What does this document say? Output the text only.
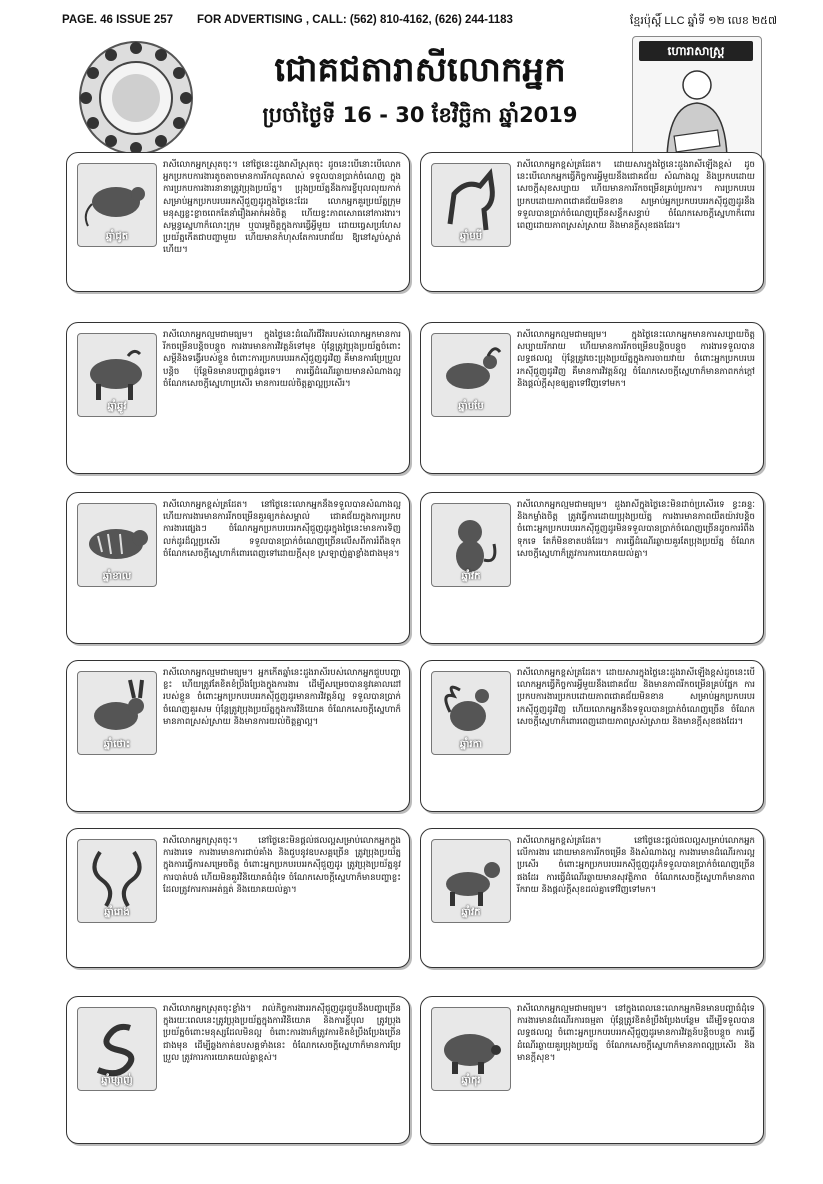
PAGE. 46 ISSUE 257 FOR ADVERTISING , CALL: (562) 810-4162, (626) 244-1183	ខ្មែរប៉ុស្តិ៍ LLC ឆ្នាំទី ១២ លេខ ២៥៧
ជោគជតារាសីលោកអ្នក
ប្រចាំថ្ងៃទី 16 - 30 ខែវិច្ឆិកា ឆ្នាំ2019
ហោរាសាស្ត្រ
ឆ្នាំជូត
រាសីលោកអ្នកស្រុតចុះ។ នៅថ្ងៃនេះដួងរាសីស្រុតចុះ ដូចនេះបើនោះបើលោកអ្នកប្រកបការងារតូចតាចមានការរីកលូតលាស់ ទទួលបានប្រាក់ចំណេញ ក្នុងការប្រកបការងារនានាត្រូវប្រុងប្រយ័ត្ន។ ប្រុងប្រយ័ត្ននឹងការខ្ចីបុលលុយកាក់ សម្រាប់អ្នកប្រកបរបររកស៊ីជួញដូរក្នុងថ្ងៃនេះដែរ លោកអ្នកគួរប្រយ័ត្នក្រុមមនុស្សខ្លះខ្លាចពេកតែនាំរឿងអាក់អន់ចិត្ត ហើយខ្វះភាពសោធនៅការងារ។ សម្ពន្ធស្នេហាក៏លោះក្រុម ឬបារម្ភចិត្តក្នុងការធ្វើអ្វីមួយ ដោយធ្វេសប្រហែស ប្រយ័ត្នកើតជាបញ្ហាមួយ ហើយមានកំហុសតែការបរាជ័យ ឱ្យនៅស្ងប់ស្ងាត់ហើយ។
ឆ្នាំមមី
រាសីលោកអ្នកខ្ពស់ត្រដែត។ ដោយសារក្នុងថ្ងៃនេះដួងរាសីឡើងខ្ពស់ ដូចនេះបើលោកអ្នកធ្វើកិច្ចការអ្វីមួយនឹងជោគជ័យ សំណាងល្អ និងប្រកបដោយសេចក្តីសុខសប្បាយ ហើយមានការរីកចម្រើនគ្រប់ប្រការ។ ការប្រកបរបរប្រកបដោយភាពជោគជ័យមិនខាន សម្រាប់អ្នកប្រកបរបររកស៊ីជួញដូរនឹងទទួលបានប្រាក់ចំណេញច្រើនសន្ធឹកសន្ធាប់ ចំណែកសេចក្តីស្នេហាក៏ពោរពេញដោយភាពស្រស់ស្រាយ និងមានក្តីសុខផងដែរ។
ឆ្នាំឆ្លូវ
រាសីលោកអ្នកល្មមជាមធ្យម។ ក្នុងថ្ងៃនេះដំណើរជីវិតរបស់លោកអ្នកមានការរីកចម្រើនបន្តិចបន្តួច ការងារមានការវិវត្តន៍ទៅមុខ ប៉ុន្តែត្រូវប្រុងប្រយ័ត្នចំពោះសម្តីនិងទង្វើរបស់ខ្លួន ចំពោះការប្រកបរបររកស៊ីជួញដូរវិញ គឺមានការប្រែប្រួលបន្តិច ប៉ុន្តែមិនមានបញ្ហាធ្ងន់ធ្ងរទេ។ ការធ្វើដំណើរឆ្ងាយមានសំណាងល្អ ចំណែកសេចក្តីស្នេហាប្រសើរ មានការយល់ចិត្តគ្នាល្អប្រសើរ។
ឆ្នាំមមែ
រាសីលោកអ្នកល្មមជាមធ្យម។ ក្នុងថ្ងៃនេះលោកអ្នកមានការសប្បាយចិត្ត សប្បាយរីករាយ ហើយមានការរីកចម្រើនបន្តិចបន្តួច ការងារទទួលបានលទ្ធផលល្អ ប៉ុន្តែត្រូវចេះប្រុងប្រយ័ត្នក្នុងការចាយវាយ ចំពោះអ្នកប្រកបរបររកស៊ីជួញដូរវិញ គឺមានការវិវត្តន៍ល្អ ចំណែកសេចក្តីស្នេហាក៏មានភាពកក់ក្តៅ និងផ្តល់ក្តីសុខឲ្យគ្នាទៅវិញទៅមក។
ឆ្នាំខាល
រាសីលោកអ្នកខ្ពស់ត្រដែត។ នៅថ្ងៃនេះលោកអ្នកនឹងទទួលបានសំណាងល្អ ហើយការងារមានការរីកចម្រើនគួរឲ្យកត់សម្គាល់ ជោគជ័យក្នុងការប្រកបការងារផ្សេងៗ ចំណែកអ្នកប្រកបរបររកស៊ីជួញដូរក្នុងថ្ងៃនេះមានការទិញលក់ដូរដ៏ល្អប្រសើរ ទទួលបានប្រាក់ចំណេញច្រើនលើសពីការរំពឹងទុក ចំណែកសេចក្តីស្នេហាក៏ពោរពេញទៅដោយក្តីសុខ ស្រឡាញ់គ្នាខ្លាំងជាងមុន។
ឆ្នាំវក
រាសីលោកអ្នកល្មមជាមធ្យម។ ដួងរាសីក្នុងថ្ងៃនេះមិនដាច់ប្រសើរទេ ខ្វះឆន្ទៈនិងកម្លាំងចិត្ត ត្រូវធ្វើការដោយប្រុងប្រយ័ត្ន ការងារមានភាពយឺតយ៉ាវបន្តិច ចំពោះអ្នកប្រកបរបររកស៊ីជួញដូរមិនទទួលបានប្រាក់ចំណេញច្រើនដូចការរំពឹងទុកទេ តែក៏មិនខាតបង់ដែរ។ ការធ្វើដំណើរឆ្ងាយគួរតែប្រុងប្រយ័ត្ន ចំណែកសេចក្តីស្នេហាក៏ត្រូវការការយោគយល់គ្នា។
ឆ្នាំថោះ
រាសីលោកអ្នកល្មមជាមធ្យម។ អ្នកកើតឆ្នាំនេះដួងរាសីរបស់លោកអ្នកជួបបញ្ហាខ្លះ ហើយត្រូវតែខិតខំប្រឹងប្រែងក្នុងការងារ ដើម្បីសម្រេចបាននូវគោលដៅរបស់ខ្លួន ចំពោះអ្នកប្រកបរបររកស៊ីជួញដូរមានការវិវត្តន៍ល្អ ទទួលបានប្រាក់ចំណេញគួរសម ប៉ុន្តែត្រូវប្រុងប្រយ័ត្នក្នុងការវិនិយោគ ចំណែកសេចក្តីស្នេហាក៏មានភាពស្រស់ស្រាយ និងមានការយល់ចិត្តគ្នាល្អ។
ឆ្នាំរកា
រាសីលោកអ្នកខ្ពស់ត្រដែត។ ដោយសារក្នុងថ្ងៃនេះដួងរាសីឡើងខ្ពស់ដូចនេះបើលោកអ្នកធ្វើកិច្ចការអ្វីមួយនឹងជោគជ័យ និងមានភាពរីកចម្រើនគ្រប់ផ្នែក ការប្រកបការងារប្រកបដោយភាពជោគជ័យមិនខាន សម្រាប់អ្នកប្រកបរបររកស៊ីជួញដូរវិញ ហើយលោកអ្នកនឹងទទួលបានប្រាក់ចំណេញច្រើន ចំណែកសេចក្តីស្នេហាក៏ពោរពេញដោយភាពស្រស់ស្រាយ និងមានក្តីសុខផងដែរ។
ឆ្នាំរោង
រាសីលោកអ្នកស្រុតចុះ។ នៅថ្ងៃនេះមិនផ្តល់ផលល្អសម្រាប់លោកអ្នកក្នុងការងារទេ ការងារមានការជាប់គាំង និងជួបនូវឧបសគ្គច្រើន ត្រូវប្រុងប្រយ័ត្នក្នុងការធ្វើការសម្រេចចិត្ត ចំពោះអ្នកប្រកបរបររកស៊ីជួញដូរ ត្រូវប្រុងប្រយ័ត្ននូវការបាត់បង់ ហើយមិនគួរវិនិយោគធំដុំទេ ចំណែកសេចក្តីស្នេហាក៏មានបញ្ហាខ្លះ ដែលត្រូវការការអត់ធ្មត់ និងយោគយល់គ្នា។
ឆ្នាំវក
រាសីលោកអ្នកខ្ពស់ត្រដែត។ នៅថ្ងៃនេះផ្តល់ផលល្អសម្រាប់លោកអ្នកលើការងារ ដោយមានការរីកចម្រើន និងសំណាងល្អ ការងារមានដំណើរការល្អប្រសើរ ចំពោះអ្នកប្រកបរបររកស៊ីជួញដូរក៏ទទួលបានប្រាក់ចំណេញច្រើនផងដែរ ការធ្វើដំណើរឆ្ងាយមានសុវត្ថិភាព ចំណែកសេចក្តីស្នេហាក៏មានភាពរីករាយ និងផ្តល់ក្តីសុខដល់គ្នាទៅវិញទៅមក។
ឆ្នាំម្សាញ់
រាសីលោកអ្នកស្រុតចុះខ្លាំង។ រាល់កិច្ចការងាររកស៊ីជួញដូរជួបនឹងបញ្ហាច្រើន ក្នុងរយៈពេលនេះត្រូវប្រុងប្រយ័ត្នក្នុងការវិនិយោគ និងការខ្ចីបុល ត្រូវប្រុងប្រយ័ត្នចំពោះមនុស្សដែលមិនល្អ ចំពោះការងារក៏ត្រូវការខិតខំប្រឹងប្រែងច្រើនជាងមុន ដើម្បីឆ្លងកាត់ឧបសគ្គទាំងនេះ ចំណែកសេចក្តីស្នេហាក៏មានការប្រែប្រួល ត្រូវការការយោគយល់គ្នាខ្ពស់។
ឆ្នាំកុរ
រាសីលោកអ្នកល្មមជាមធ្យម។ នៅក្នុងពេលនេះលោកអ្នកមិនមានបញ្ហាធំដុំទេ ការងារមានដំណើរការធម្មតា ប៉ុន្តែត្រូវខិតខំប្រឹងប្រែងបន្ថែម ដើម្បីទទួលបានលទ្ធផលល្អ ចំពោះអ្នកប្រកបរបររកស៊ីជួញដូរមានការវិវត្តន៍បន្តិចបន្តួច ការធ្វើដំណើរឆ្ងាយគួរប្រុងប្រយ័ត្ន ចំណែកសេចក្តីស្នេហាក៏មានភាពល្អប្រសើរ និងមានក្តីសុខ។
